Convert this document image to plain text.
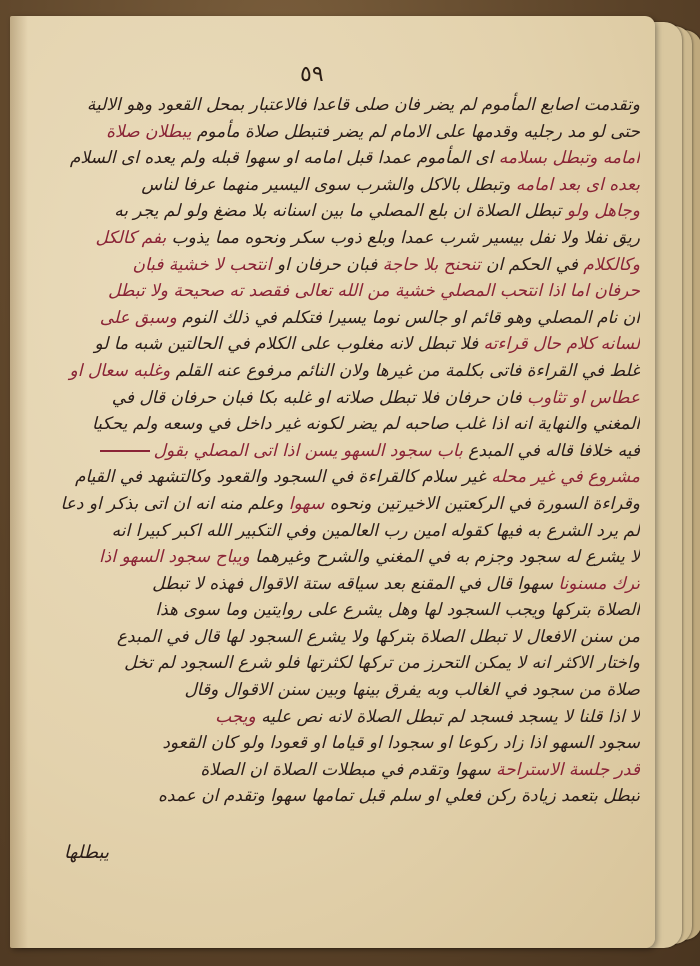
٥٩
وتقدمت اصابع المأموم لم يضر فان صلى قاعدا فالاعتبار بمحل القعود وهو الالية
حتى لو مد رجليه وقدمها على الامام لم يضر فتبطل صلاة مأموم يبطلان صلاة
امامه وتبطل بسلامه اى المأموم عمدا قبل امامه او سهوا قبله ولم يعده اى السلام
بعده اى بعد امامه وتبطل بالاكل والشرب سوى اليسير منهما عرفا لناس
وجاهل ولو تبطل الصلاة ان بلع المصلي ما بين اسنانه بلا مضغ ولو لم يجر به
ريق نفلا ولا نفل بيسير شرب عمدا وبلع ذوب سكر ونحوه مما يذوب بفم كالكل
وكالكلام في الحكم ان تنحنح بلا حاجة فبان حرفان او انتحب لا خشية فبان
حرفان اما اذا انتحب المصلي خشية من الله تعالى فقصد ته صحيحة ولا تبطل
ان نام المصلي وهو قائم او جالس نوما يسيرا فتكلم في ذلك النوم وسبق على
لسانه كلام حال قراءته فلا تبطل لانه مغلوب على الكلام في الحالتين شبه ما لو
غلط في القراءة فاتى بكلمة من غيرها ولان النائم مرفوع عنه القلم وغلبه سعال او
عطاس او تثاوب فان حرفان فلا تبطل صلاته او غلبه بكا فبان حرفان قال في
المغني والنهاية انه اذا غلب صاحبه لم يضر لكونه غير داخل في وسعه ولم يحكيا
فيه خلافا قاله في المبدع باب سجود السهو يسن اذا اتى المصلي بقول
مشروع في غير محله غير سلام كالقراءة في السجود والقعود وكالتشهد في القيام
وقراءة السورة في الركعتين الاخيرتين ونحوه سهوا وعلم منه انه ان اتى بذكر او دعا
لم يرد الشرع به فيها كقوله امين رب العالمين وفي التكبير الله اكبر كبيرا انه
لا يشرع له سجود وجزم به في المغني والشرح وغيرهما ويباح سجود السهو اذا
ترك مسنونا سهوا قال في المقنع بعد سياقه ستة الاقوال فهذه لا تبطل
الصلاة بتركها ويجب السجود لها وهل يشرع على روايتين وما سوى هذا
من سنن الافعال لا تبطل الصلاة بتركها ولا يشرع السجود لها قال في المبدع
واختار الاكثر انه لا يمكن التحرز من تركها لكثرتها فلو شرع السجود لم تخل
صلاة من سجود في الغالب وبه يفرق بينها وبين سنن الاقوال وقال
لا اذا قلنا لا يسجد فسجد لم تبطل الصلاة لانه نص عليه ويجب
سجود السهو اذا زاد ركوعا او سجودا او قياما او قعودا ولو كان القعود
قدر جلسة الاستراحة سهوا وتقدم في مبطلات الصلاة ان الصلاة
تبطل بتعمد زيادة ركن فعلي او سلم قبل تمامها سهوا وتقدم ان عمده
يبطلها
